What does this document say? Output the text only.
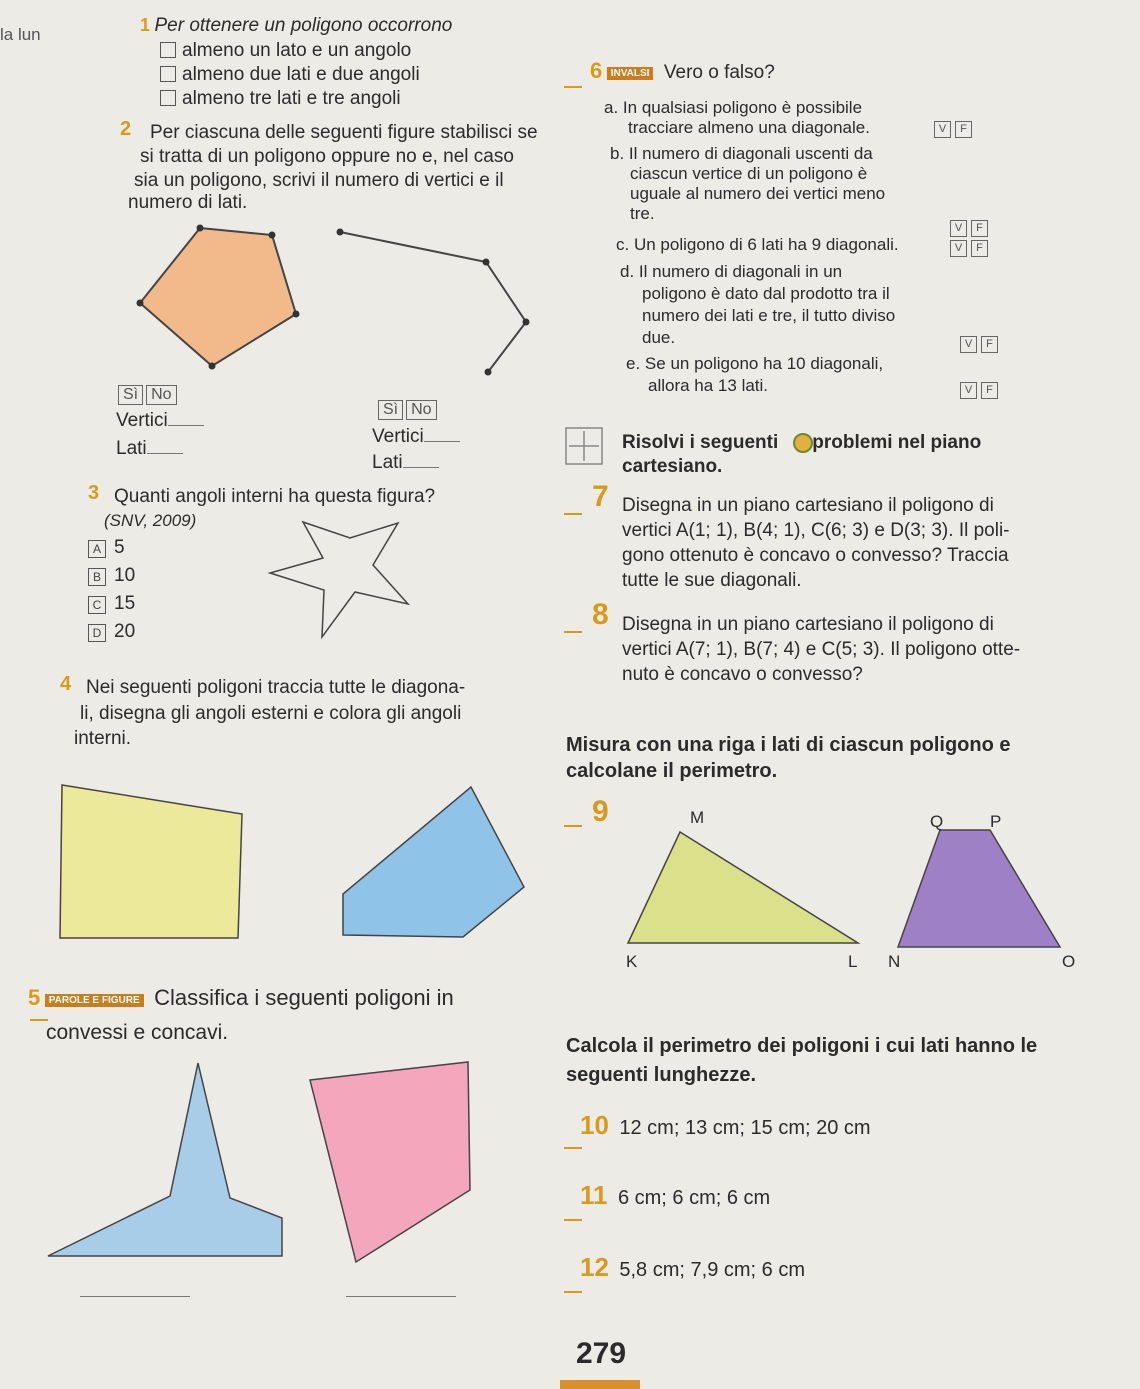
la lun	1 Per ottenere un poligono occorrono
almeno un lato e un angolo
almeno due lati e due angoli
almeno tre lati e tre angoli
2 Per ciascuna delle seguenti figure stabilisci se
si tratta di un poligono oppure no e, nel caso
sia un poligono, scrivi il numero di vertici e il
numero di lati.
Sì No
Vertici
Lati
Sì No
Vertici
Lati
3 Quanti angoli interni ha questa figura?
(SNV, 2009)
A 5
B 10
C 15
D 20
4 Nei seguenti poligoni traccia tutte le diagona-
li, disegna gli angoli esterni e colora gli angoli
interni.
5 PAROLE E FIGURE Classifica i seguenti poligoni in
convessi e concavi.
6 INVALSI Vero o falso?
a. In qualsiasi poligono è possibile
tracciare almeno una diagonale.	V F
b. Il numero di diagonali uscenti da
ciascun vertice di un poligono è
uguale al numero dei vertici meno
tre.
V F
c. Un poligono di 6 lati ha 9 diagonali.	V F
d. Il numero di diagonali in un
poligono è dato dal prodotto tra il
numero dei lati e tre, il tutto diviso
due.	V F
e. Se un poligono ha 10 diagonali,
allora ha 13 lati.	V F
Risolvi i seguenti problemi nel piano
cartesiano.
7 Disegna in un piano cartesiano il poligono di
vertici A(1; 1), B(4; 1), C(6; 3) e D(3; 3). Il poli-
gono ottenuto è concavo o convesso? Traccia
tutte le sue diagonali.
8 Disegna in un piano cartesiano il poligono di
vertici A(7; 1), B(7; 4) e C(5; 3). Il poligono otte-
nuto è concavo o convesso?
Misura con una riga i lati di ciascun poligono e
calcolane il perimetro.
9	M
K	L
Q	P
N	O
Calcola il perimetro dei poligoni i cui lati hanno le
seguenti lunghezze.
10 12 cm; 13 cm; 15 cm; 20 cm
11 6 cm; 6 cm; 6 cm
12 5,8 cm; 7,9 cm; 6 cm
279
